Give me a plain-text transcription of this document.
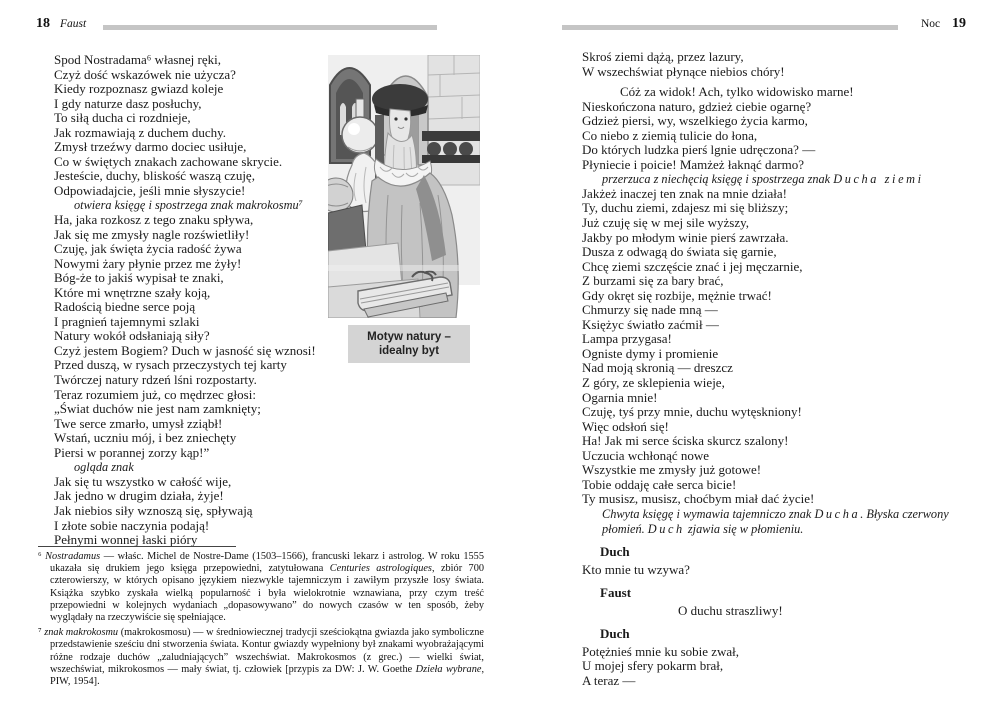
18 Faust	Noc 19
Spod Nostradama⁶ własnej ręki,
Czyż dość wskazówek nie użycza?
Kiedy rozpoznasz gwiazd koleje
I gdy naturze dasz posłuchy,
To siłą ducha ci rozdnieje,
Jak rozmawiają z duchem duchy.
Zmysł trzeźwy darmo dociec usiłuje,
Co w świętych znakach zachowane skrycie.
Jesteście, duchy, bliskość waszą czuję,
Odpowiadajcie, jeśli mnie słyszycie!
otwiera księgę i spostrzega znak makrokosmu⁷
Ha, jaka rozkosz z tego znaku spływa,
Jak się me zmysły nagle rozświetliły!
Czuję, jak święta życia radość żywa
Nowymi żary płynie przez me żyły!
Bóg-że to jakiś wypisał te znaki,
Które mi wnętrzne szały koją,
Radością biedne serce poją
I pragnień tajemnymi szlaki
Natury wokół odsłaniają siły?
Czyż jestem Bogiem? Duch w jasność się wznosi!
Przed duszą, w rysach przeczystych tej karty
Twórczej natury rdzeń lśni rozpostarty.
Teraz rozumiem już, co mędrzec głosi:
„Świat duchów nie jest nam zamknięty;
Twe serce zmarło, umysł zziąbł!
Wstań, uczniu mój, i bez zniechęty
Piersi w porannej zorzy kąp!”
ogląda znak
Jak się tu wszystko w całość wije,
Jak jedno w drugim działa, żyje!
Jak niebios siły wznoszą się, spływają
I złote sobie naczynia podają!
Pełnymi wonnej łaski pióry
Motyw natury –
idealny byt
⁶ Nostradamus — właśc. Michel de Nostre-Dame (1503–1566), francuski lekarz i astrolog. W roku 1555 ukazała się drukiem jego księga przepowiedni, zatytułowana Centuries astrologiques, zbiór 700 czterowierszy, w których opisano językiem niezwykle tajemniczym i zawiłym przyszłe losy świata. Książka szybko zyskała wielką popularność i była wielokrotnie wznawiana, przy czym treść przepowiedni w kolejnych wydaniach „dopasowywano” do nowych czasów w ten sposób, żeby wyglądały na rzeczywiście się spełniające.
⁷ znak makrokosmu (makrokosmosu) — w średniowiecznej tradycji sześciokątna gwiazda jako symboliczne przedstawienie sześciu dni stworzenia świata. Kontur gwiazdy wypełniony był znakami wyobrażającymi różne rodzaje duchów „zaludniających” wszechświat. Makrokosmos (z grec.) — wielki świat, wszechświat, mikrokosmos — mały świat, tj. człowiek [przypis za DW: J. W. Goethe Dzieła wybrane, PIW, 1954].
Skroś ziemi dążą, przez lazury,
W wszechświat płynące niebios chóry!
Cóż za widok! Ach, tylko widowisko marne!
Nieskończona naturo, gdzież ciebie ogarnę?
Gdzież piersi, wy, wszelkiego życia karmo,
Co niebo z ziemią tulicie do łona,
Do których ludzka pierś lgnie udręczona? —
Płyniecie i poicie! Mamżeż łaknąć darmo?
przerzuca z niechęcią księgę i spostrzega znak Ducha ziemi
Jakżeż inaczej ten znak na mnie działa!
Ty, duchu ziemi, zdajesz mi się bliższy;
Już czuję się w mej sile wyższy,
Jakby po młodym winie pierś zawrzała.
Dusza z odwagą do świata się garnie,
Chcę ziemi szczęście znać i jej męczarnie,
Z burzami się za bary brać,
Gdy okręt się rozbije, mężnie trwać!
Chmurzy się nade mną —
Księżyc światło zaćmił —
Lampa przygasa!
Ogniste dymy i promienie
Nad moją skronią — dreszcz
Z góry, ze sklepienia wieje,
Ogarnia mnie!
Czuję, tyś przy mnie, duchu wytęskniony!
Więc odsłoń się!
Ha! Jak mi serce ściska skurcz szalony!
Uczucia wchłonąć nowe
Wszystkie me zmysły już gotowe!
Tobie oddaję całe serca bicie!
Ty musisz, musisz, choćbym miał dać życie!
Chwyta księgę i wymawia tajemniczo znak Ducha. Błyska czerwony płomień. Duch zjawia się w płomieniu.
Duch
Kto mnie tu wzywa?
Faust
O duchu straszliwy!
Duch
Potężnieś mnie ku sobie zwał,
U mojej sfery pokarm brał,
A teraz —
